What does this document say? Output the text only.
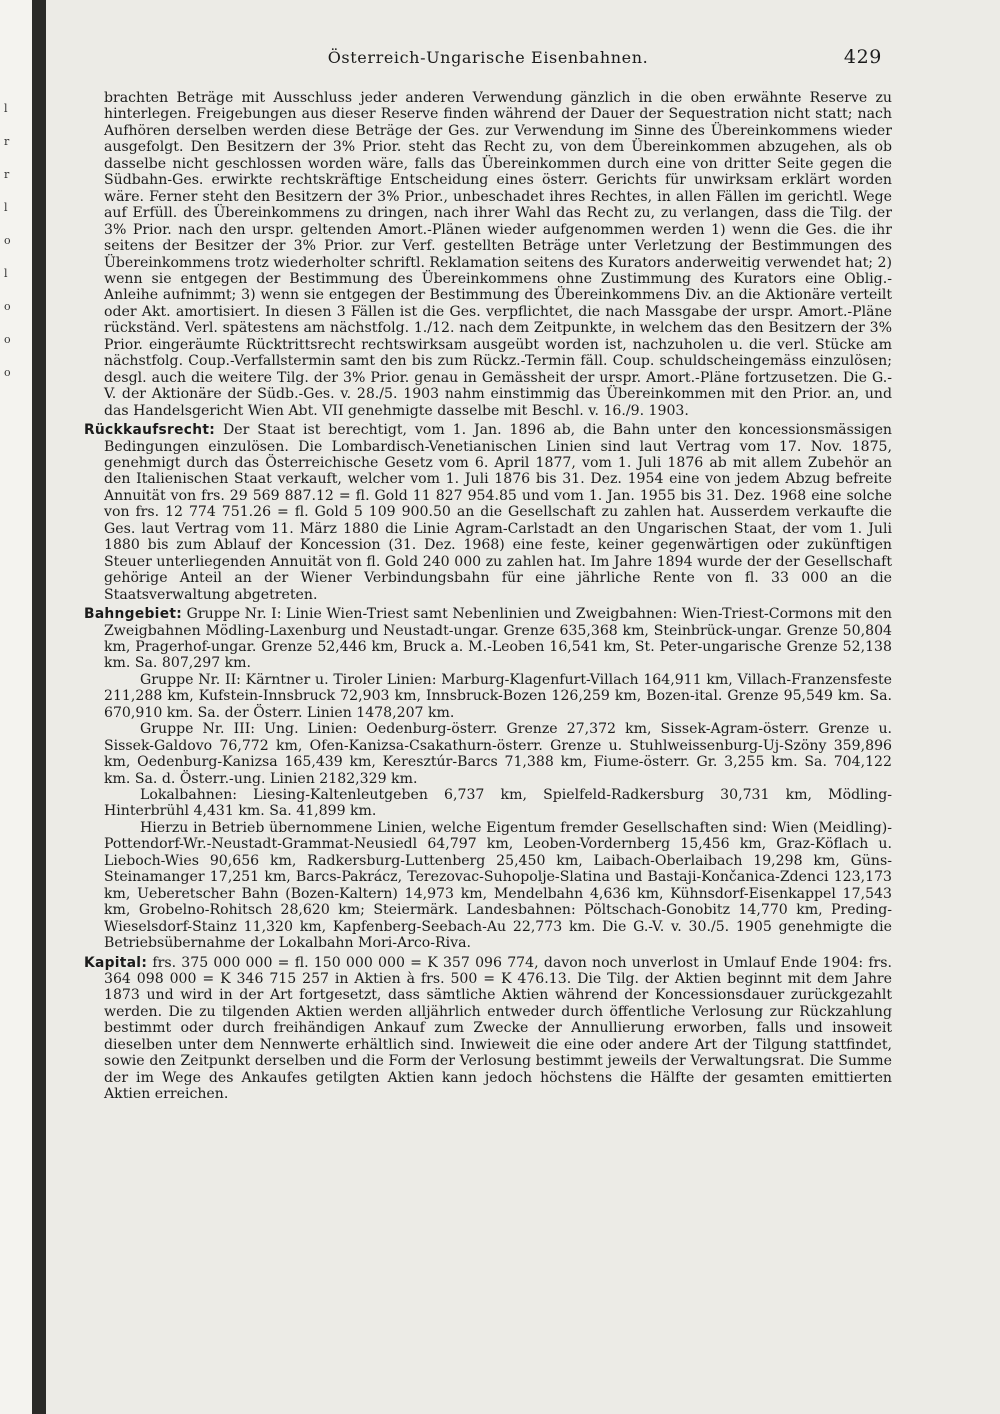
l
r
r
l
o
l
o
o
o
Österreich-Ungarische Eisenbahnen.	429

brachten Beträge mit Ausschluss jeder anderen Verwendung gänzlich in die oben erwähnte Reserve zu hinterlegen. Freigebungen aus dieser Reserve finden während der Dauer der Sequestration nicht statt; nach Aufhören derselben werden diese Beträge der Ges. zur Verwendung im Sinne des Übereinkommens wieder ausgefolgt. Den Besitzern der 3% Prior. steht das Recht zu, von dem Übereinkommen abzugehen, als ob dasselbe nicht geschlossen worden wäre, falls das Übereinkommen durch eine von dritter Seite gegen die Südbahn-Ges. erwirkte rechtskräftige Entscheidung eines österr. Gerichts für unwirksam erklärt worden wäre. Ferner steht den Besitzern der 3% Prior., unbeschadet ihres Rechtes, in allen Fällen im gerichtl. Wege auf Erfüll. des Übereinkommens zu dringen, nach ihrer Wahl das Recht zu, zu verlangen, dass die Tilg. der 3% Prior. nach den urspr. geltenden Amort.-Plänen wieder aufgenommen werden 1) wenn die Ges. die ihr seitens der Besitzer der 3% Prior. zur Verf. gestellten Beträge unter Verletzung der Bestimmungen des Übereinkommens trotz wiederholter schriftl. Reklamation seitens des Kurators anderweitig verwendet hat; 2) wenn sie entgegen der Bestimmung des Übereinkommens ohne Zustimmung des Kurators eine Oblig.-Anleihe aufnimmt; 3) wenn sie entgegen der Bestimmung des Übereinkommens Div. an die Aktionäre verteilt oder Akt. amortisiert. In diesen 3 Fällen ist die Ges. verpflichtet, die nach Massgabe der urspr. Amort.-Pläne rückständ. Verl. spätestens am nächstfolg. 1./12. nach dem Zeitpunkte, in welchem das den Besitzern der 3% Prior. eingeräumte Rücktrittsrecht rechtswirksam ausgeübt worden ist, nachzuholen u. die verl. Stücke am nächstfolg. Coup.-Verfallstermin samt den bis zum Rückz.-Termin fäll. Coup. schuldscheingemäss einzulösen; desgl. auch die weitere Tilg. der 3% Prior. genau in Gemässheit der urspr. Amort.-Pläne fortzusetzen. Die G.-V. der Aktionäre der Südb.-Ges. v. 28./5. 1903 nahm einstimmig das Übereinkommen mit den Prior. an, und das Handelsgericht Wien Abt. VII genehmigte dasselbe mit Beschl. v. 16./9. 1903.

Rückkaufsrecht: Der Staat ist berechtigt, vom 1. Jan. 1896 ab, die Bahn unter den koncessionsmässigen Bedingungen einzulösen. Die Lombardisch-Venetianischen Linien sind laut Vertrag vom 17. Nov. 1875, genehmigt durch das Österreichische Gesetz vom 6. April 1877, vom 1. Juli 1876 ab mit allem Zubehör an den Italienischen Staat verkauft, welcher vom 1. Juli 1876 bis 31. Dez. 1954 eine von jedem Abzug befreite Annuität von frs. 29 569 887.12 = fl. Gold 11 827 954.85 und vom 1. Jan. 1955 bis 31. Dez. 1968 eine solche von frs. 12 774 751.26 = fl. Gold 5 109 900.50 an die Gesellschaft zu zahlen hat. Ausserdem verkaufte die Ges. laut Vertrag vom 11. März 1880 die Linie Agram-Carlstadt an den Ungarischen Staat, der vom 1. Juli 1880 bis zum Ablauf der Koncession (31. Dez. 1968) eine feste, keiner gegenwärtigen oder zukünftigen Steuer unterliegenden Annuität von fl. Gold 240 000 zu zahlen hat. Im Jahre 1894 wurde der der Gesellschaft gehörige Anteil an der Wiener Verbindungsbahn für eine jährliche Rente von fl. 33 000 an die Staatsverwaltung abgetreten.

Bahngebiet: Gruppe Nr. I: Linie Wien-Triest samt Nebenlinien und Zweigbahnen: Wien-Triest-Cormons mit den Zweigbahnen Mödling-Laxenburg und Neustadt-ungar. Grenze 635,368 km, Steinbrück-ungar. Grenze 50,804 km, Pragerhof-ungar. Grenze 52,446 km, Bruck a. M.-Leoben 16,541 km, St. Peter-ungarische Grenze 52,138 km. Sa. 807,297 km.

Gruppe Nr. II: Kärntner u. Tiroler Linien: Marburg-Klagenfurt-Villach 164,911 km, Villach-Franzensfeste 211,288 km, Kufstein-Innsbruck 72,903 km, Innsbruck-Bozen 126,259 km, Bozen-ital. Grenze 95,549 km. Sa. 670,910 km. Sa. der Österr. Linien 1478,207 km.

Gruppe Nr. III: Ung. Linien: Oedenburg-österr. Grenze 27,372 km, Sissek-Agram-österr. Grenze u. Sissek-Galdovo 76,772 km, Ofen-Kanizsa-Csakathurn-österr. Grenze u. Stuhlweissenburg-Uj-Szöny 359,896 km, Oedenburg-Kanizsa 165,439 km, Keresztúr-Barcs 71,388 km, Fiume-österr. Gr. 3,255 km. Sa. 704,122 km. Sa. d. Österr.-ung. Linien 2182,329 km.

Lokalbahnen: Liesing-Kaltenleutgeben 6,737 km, Spielfeld-Radkersburg 30,731 km, Mödling-Hinterbrühl 4,431 km. Sa. 41,899 km.

Hierzu in Betrieb übernommene Linien, welche Eigentum fremder Gesellschaften sind: Wien (Meidling)-Pottendorf-Wr.-Neustadt-Grammat-Neusiedl 64,797 km, Leoben-Vordernberg 15,456 km, Graz-Köflach u. Lieboch-Wies 90,656 km, Radkersburg-Luttenberg 25,450 km, Laibach-Oberlaibach 19,298 km, Güns-Steinamanger 17,251 km, Barcs-Pakrácz, Terezovac-Suhopolje-Slatina und Bastaji-Končanica-Zdenci 123,173 km, Ueberetscher Bahn (Bozen-Kaltern) 14,973 km, Mendelbahn 4,636 km, Kühnsdorf-Eisenkappel 17,543 km, Grobelno-Rohitsch 28,620 km; Steiermärk. Landesbahnen: Pöltschach-Gonobitz 14,770 km, Preding-Wieselsdorf-Stainz 11,320 km, Kapfenberg-Seebach-Au 22,773 km. Die G.-V. v. 30./5. 1905 genehmigte die Betriebsübernahme der Lokalbahn Mori-Arco-Riva.

Kapital: frs. 375 000 000 = fl. 150 000 000 = K 357 096 774, davon noch unverlost in Umlauf Ende 1904: frs. 364 098 000 = K 346 715 257 in Aktien à frs. 500 = K 476.13. Die Tilg. der Aktien beginnt mit dem Jahre 1873 und wird in der Art fortgesetzt, dass sämtliche Aktien während der Koncessionsdauer zurückgezahlt werden. Die zu tilgenden Aktien werden alljährlich entweder durch öffentliche Verlosung zur Rückzahlung bestimmt oder durch freihändigen Ankauf zum Zwecke der Annullierung erworben, falls und insoweit dieselben unter dem Nennwerte erhältlich sind. Inwieweit die eine oder andere Art der Tilgung stattfindet, sowie den Zeitpunkt derselben und die Form der Verlosung bestimmt jeweils der Verwaltungsrat. Die Summe der im Wege des Ankaufes getilgten Aktien kann jedoch höchstens die Hälfte der gesamten emittierten Aktien erreichen.
